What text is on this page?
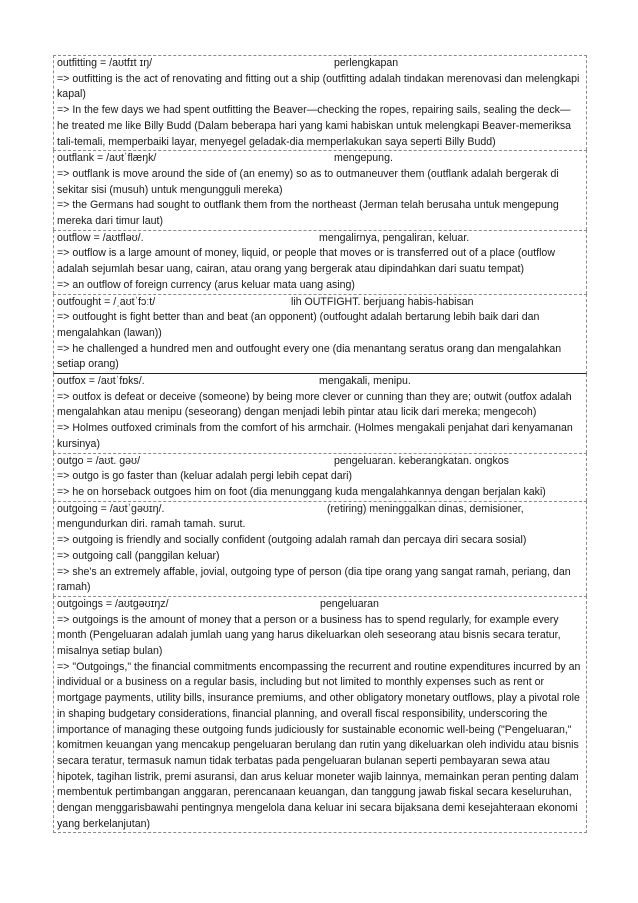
outfitting = /aʊtfɪt ɪŋ/	perlengkapan
=> outfitting is the act of renovating and fitting out a ship (outfitting adalah tindakan merenovasi dan melengkapi kapal)
=> In the few days we had spent outfitting the Beaver—checking the ropes, repairing sails, sealing the deck— he treated me like Billy Budd (Dalam beberapa hari yang kami habiskan untuk melengkapi Beaver-memeriksa tali-temali, memperbaiki layar, menyegel geladak-dia memperlakukan saya seperti Billy Budd)
outflank = /aʊtˈflæŋk/	mengepung.
=> outflank is move around the side of (an enemy) so as to outmaneuver them (outflank adalah bergerak di sekitar sisi (musuh) untuk mengungguli mereka)
=> the Germans had sought to outflank them from the northeast (Jerman telah berusaha untuk mengepung mereka dari timur laut)
outflow = /aʊtfləʊ/.	mengalirnya, pengaliran, keluar.
=> outflow is a large amount of money, liquid, or people that moves or is transferred out of a place (outflow adalah sejumlah besar uang, cairan, atau orang yang bergerak atau dipindahkan dari suatu tempat)
=> an outflow of foreign currency (arus keluar mata uang asing)
outfought = /ˌaʊtˈfɔːt/	lih OUTFIGHT. berjuang habis-habisan
=> outfought is fight better than and beat (an opponent) (outfought adalah bertarung lebih baik dari dan mengalahkan (lawan))
=> he challenged a hundred men and outfought every one (dia menantang seratus orang dan mengalahkan setiap orang)
outfox = /aʊtˈfɒks/.	mengakali, menipu.
=> outfox is defeat or deceive (someone) by being more clever or cunning than they are; outwit (outfox adalah mengalahkan atau menipu (seseorang) dengan menjadi lebih pintar atau licik dari mereka; mengecoh)
=> Holmes outfoxed criminals from the comfort of his armchair. (Holmes mengakali penjahat dari kenyamanan kursinya)
outgo = /aʊt. gəʊ/	pengeluaran. keberangkatan. ongkos
=> outgo is go faster than (keluar adalah pergi lebih cepat dari)
=> he on horseback outgoes him on foot (dia menunggang kuda mengalahkannya dengan berjalan kaki)
outgoing = /aʊtˈgəʊɪŋ/.	(retiring) meninggalkan dinas, demisioner,
mengundurkan diri. ramah tamah. surut.
=> outgoing is friendly and socially confident (outgoing adalah ramah dan percaya diri secara sosial)
=> outgoing call (panggilan keluar)
=> she's an extremely affable, jovial, outgoing type of person (dia tipe orang yang sangat ramah, periang, dan ramah)
outgoings = /aʊtgəʊɪŋz/	pengeluaran
=> outgoings is the amount of money that a person or a business has to spend regularly, for example every month (Pengeluaran adalah jumlah uang yang harus dikeluarkan oleh seseorang atau bisnis secara teratur, misalnya setiap bulan)
=> "Outgoings," the financial commitments encompassing the recurrent and routine expenditures incurred by an individual or a business on a regular basis, including but not limited to monthly expenses such as rent or mortgage payments, utility bills, insurance premiums, and other obligatory monetary outflows, play a pivotal role in shaping budgetary considerations, financial planning, and overall fiscal responsibility, underscoring the importance of managing these outgoing funds judiciously for sustainable economic well-being ("Pengeluaran," komitmen keuangan yang mencakup pengeluaran berulang dan rutin yang dikeluarkan oleh individu atau bisnis secara teratur, termasuk namun tidak terbatas pada pengeluaran bulanan seperti pembayaran sewa atau hipotek, tagihan listrik, premi asuransi, dan arus keluar moneter wajib lainnya, memainkan peran penting dalam membentuk pertimbangan anggaran, perencanaan keuangan, dan tanggung jawab fiskal secara keseluruhan, dengan menggarisbawahi pentingnya mengelola dana keluar ini secara bijaksana demi kesejahteraan ekonomi yang berkelanjutan)
